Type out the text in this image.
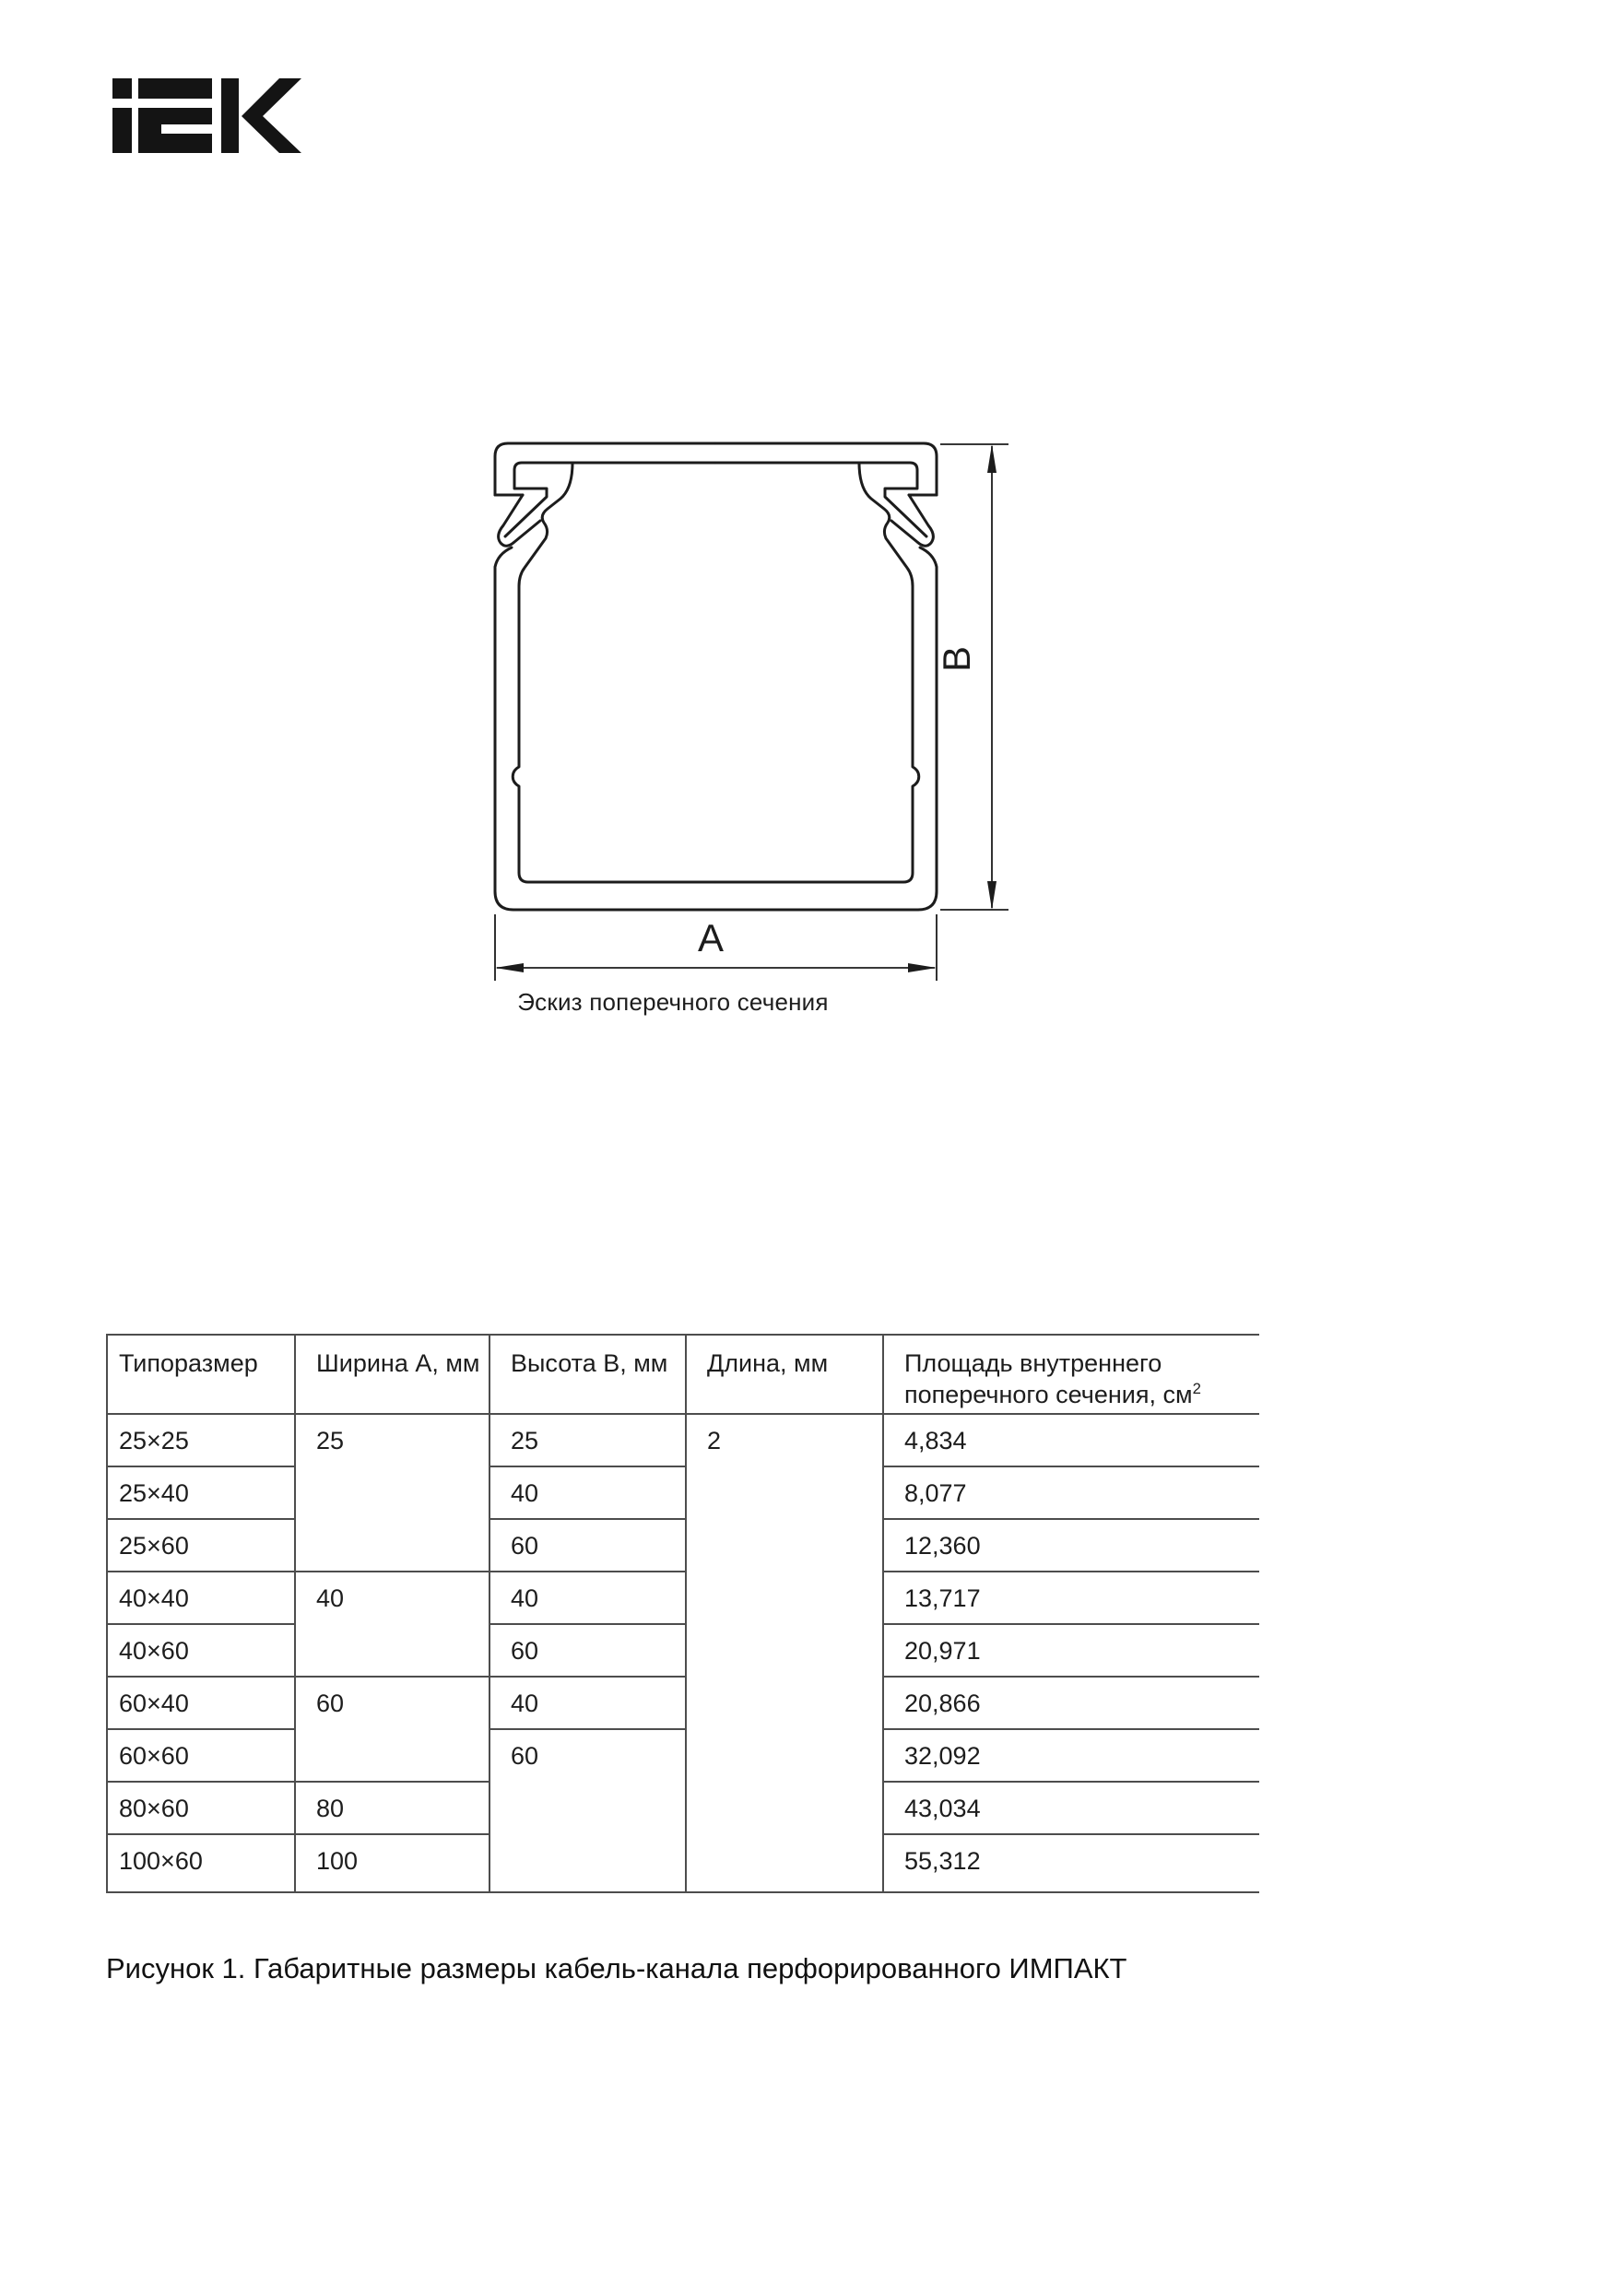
B
A
Эскиз поперечного сечения
Типоразмер	Ширина А, мм	Высота В, мм	Длина, мм	Площадь внутреннего поперечного сечения, $см^2$
25×25	25	25	2	4,834
25×40		40		8,077
25×60		60		12,360
40×40	40	40		13,717
40×60		60		20,971
60×40	60	40		20,866
60×60		60		32,092
80×60	80			43,034
100×60	100			55,312
Рисунок 1. Габаритные размеры кабель-канала перфорированного ИМПАКТ
